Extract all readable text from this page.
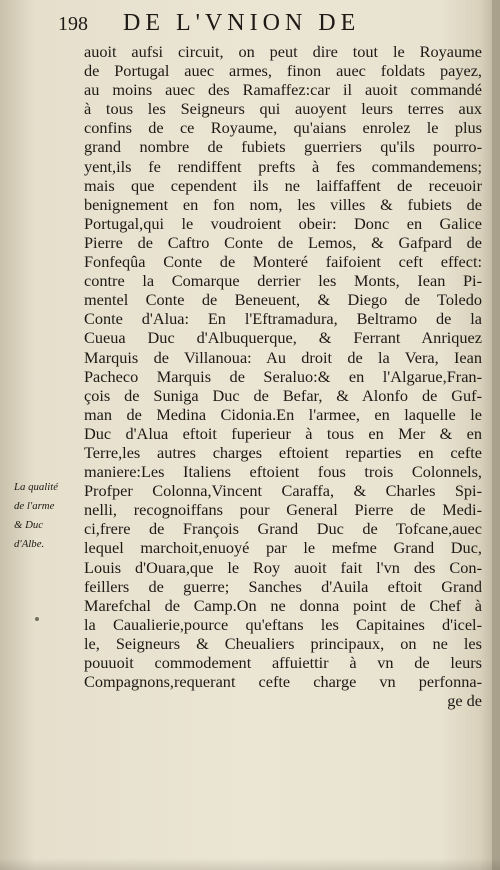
198 DE L'VNION DE
La qualité
de l'arme
& Duc
d'Albe.
auoit aufsi circuit, on peut dire tout le Royaume
de Portugal auec armes, finon auec foldats payez,
au moins auec des Ramaffez:car il auoit commandé
à tous les Seigneurs qui auoyent leurs terres aux
confins de ce Royaume, qu'aians enrolez le plus
grand nombre de fubiets guerriers qu'ils pourro-
yent,ils fe rendiffent prefts à fes commandemens;
mais que cependent ils ne laiffaffent de receuoir
benignement en fon nom, les villes & fubiets de
Portugal,qui le voudroient obeir: Donc en Galice
Pierre de Caftro Conte de Lemos, & Gafpard de
Fonfeqûa Conte de Monteré faifoient ceft effect:
contre la Comarque derrier les Monts, Iean Pi-
mentel Conte de Beneuent, & Diego de Toledo
Conte d'Alua: En l'Eftramadura, Beltramo de la
Cueua Duc d'Albuquerque, & Ferrant Anriquez
Marquis de Villanoua: Au droit de la Vera, Iean
Pacheco Marquis de Seraluo:& en l'Algarue,Fran-
çois de Suniga Duc de Befar, & Alonfo de Guf-
man de Medina Cidonia.En l'armee, en laquelle le
Duc d'Alua eftoit fuperieur à tous en Mer & en
Terre,les autres charges eftoient reparties en cefte
maniere:Les Italiens eftoient fous trois Colonnels,
Profper Colonna,Vincent Caraffa, & Charles Spi-
nelli, recognoiffans pour General Pierre de Medi-
ci,frere de François Grand Duc de Tofcane,auec
lequel marchoit,enuoyé par le mefme Grand Duc,
Louis d'Ouara,que le Roy auoit fait l'vn des Con-
feillers de guerre; Sanches d'Auila eftoit Grand
Marefchal de Camp.On ne donna point de Chef à
la Caualierie,pource qu'eftans les Capitaines d'icel-
le, Seigneurs & Cheualiers principaux, on ne les
pouuoit commodement affuiettir à vn de leurs
Compagnons,requerant cefte charge vn perfonna-
ge de
